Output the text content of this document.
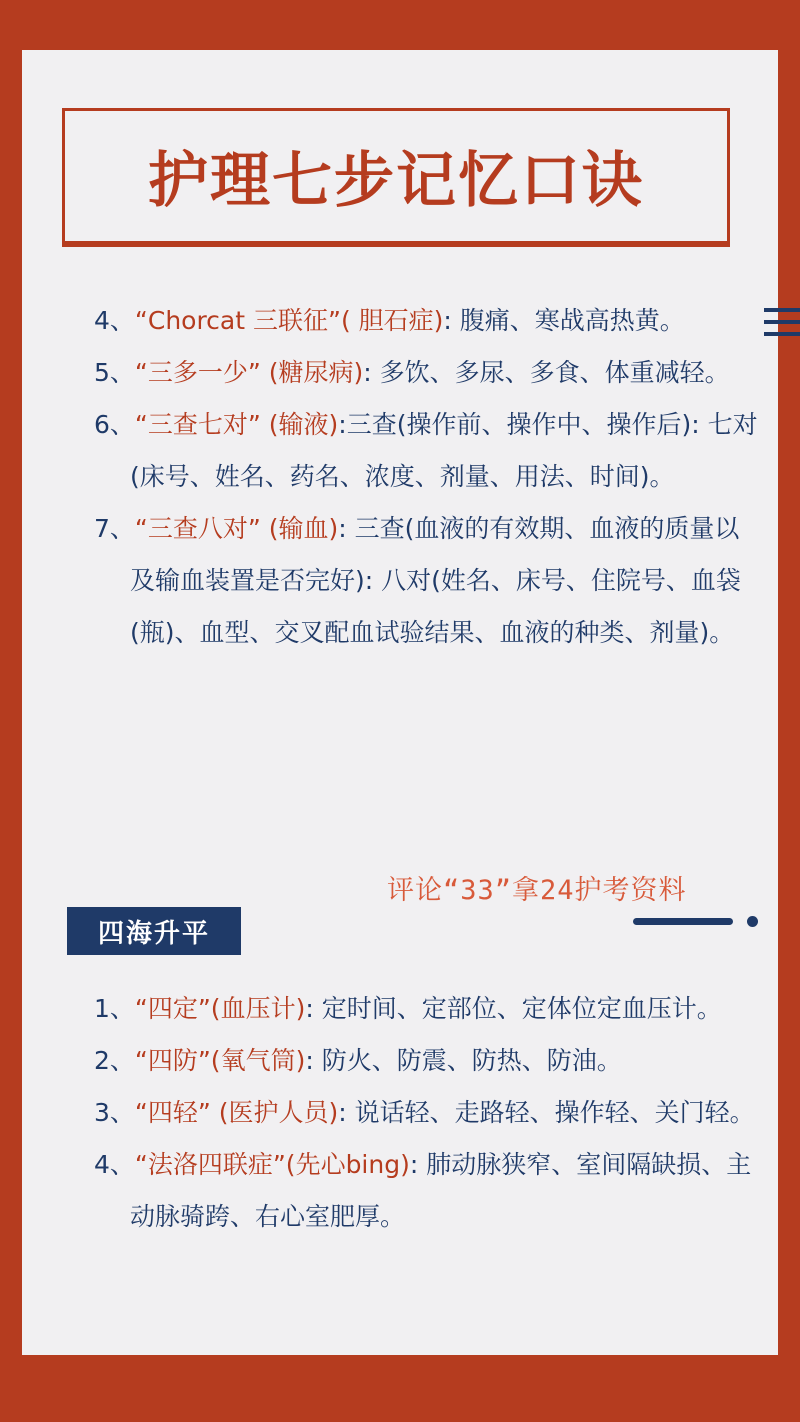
护理七步记忆口诀
4、“Chorcat 三联征”( 胆石症): 腹痛、寒战高热黄。
5、“三多一少” (糖尿病): 多饮、多尿、多食、体重减轻。
6、“三查七对” (输液):三查(操作前、操作中、操作后): 七对(床号、姓名、药名、浓度、剂量、用法、时间)。
7、“三查八对” (输血): 三查(血液的有效期、血液的质量以及输血装置是否完好): 八对(姓名、床号、住院号、血袋(瓶)、血型、交叉配血试验结果、血液的种类、剂量)。
评论“33”拿24护考资料
四海升平
1、“四定”(血压计): 定时间、定部位、定体位定血压计。
2、“四防”(氧气筒): 防火、防震、防热、防油。
3、“四轻” (医护人员): 说话轻、走路轻、操作轻、关门轻。
4、“法洛四联症”(先心bing): 肺动脉狭窄、室间隔缺损、主动脉骑跨、右心室肥厚。
